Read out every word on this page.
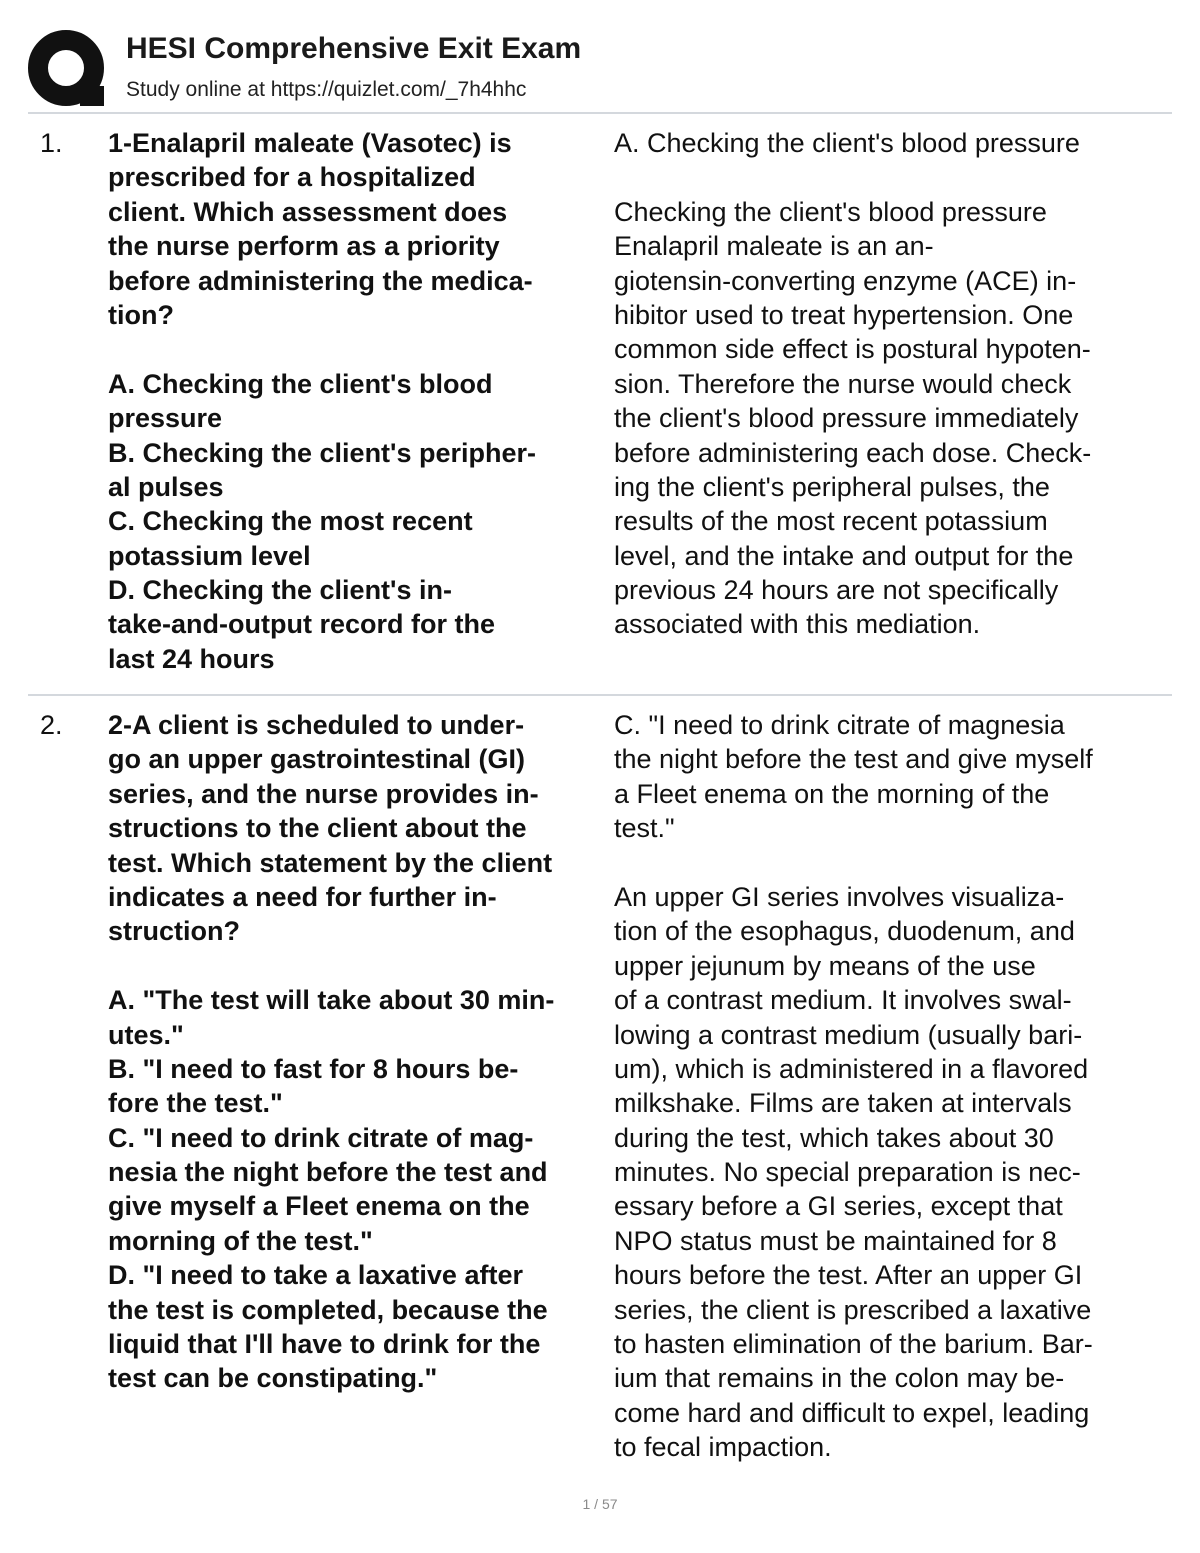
HESI Comprehensive Exit Exam
Study online at https://quizlet.com/_7h4hhc
1. 1-Enalapril maleate (Vasotec) is
prescribed for a hospitalized
client. Which assessment does
the nurse perform as a priority
before administering the medica-
tion?
A. Checking the client's blood
pressure
B. Checking the client's peripher-
al pulses
C. Checking the most recent
potassium level
D. Checking the client's in-
take-and-output record for the
last 24 hours
A. Checking the client's blood pressure
Checking the client's blood pressure
Enalapril maleate is an an-
giotensin-converting enzyme (ACE) in-
hibitor used to treat hypertension. One
common side effect is postural hypoten-
sion. Therefore the nurse would check
the client's blood pressure immediately
before administering each dose. Check-
ing the client's peripheral pulses, the
results of the most recent potassium
level, and the intake and output for the
previous 24 hours are not specifically
associated with this mediation.
2. 2-A client is scheduled to under-
go an upper gastrointestinal (GI)
series, and the nurse provides in-
structions to the client about the
test. Which statement by the client
indicates a need for further in-
struction?
A. "The test will take about 30 min-
utes."
B. "I need to fast for 8 hours be-
fore the test."
C. "I need to drink citrate of mag-
nesia the night before the test and
give myself a Fleet enema on the
morning of the test."
D. "I need to take a laxative after
the test is completed, because the
liquid that I'll have to drink for the
test can be constipating."
C. "I need to drink citrate of magnesia
the night before the test and give myself
a Fleet enema on the morning of the
test."
An upper GI series involves visualiza-
tion of the esophagus, duodenum, and
upper jejunum by means of the use
of a contrast medium. It involves swal-
lowing a contrast medium (usually bari-
um), which is administered in a flavored
milkshake. Films are taken at intervals
during the test, which takes about 30
minutes. No special preparation is nec-
essary before a GI series, except that
NPO status must be maintained for 8
hours before the test. After an upper GI
series, the client is prescribed a laxative
to hasten elimination of the barium. Bar-
ium that remains in the colon may be-
come hard and difficult to expel, leading
to fecal impaction.
1 / 57
